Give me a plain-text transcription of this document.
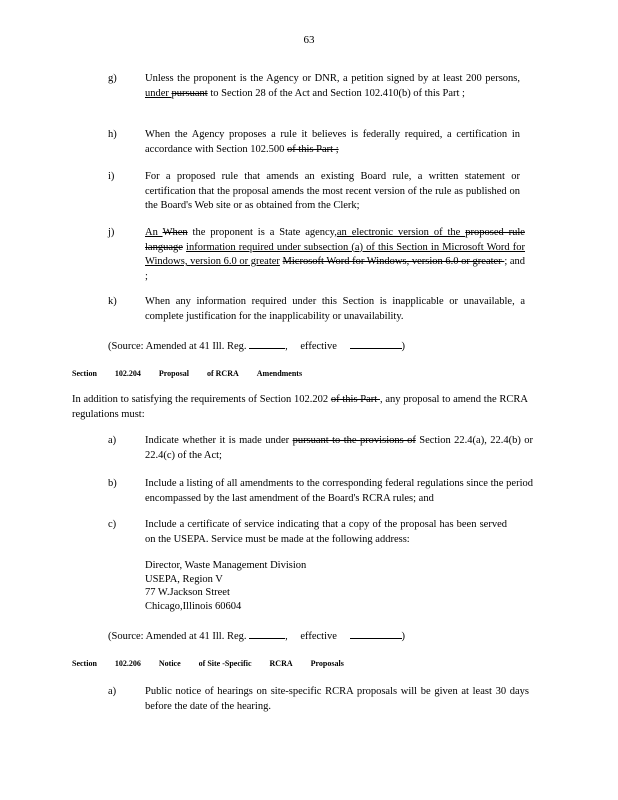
63
g)	Unless the proponent is the Agency or DNR, a petition signed by at least 200 persons, under pursuant to Section 28 of the Act and Section 102.410(b) of this Part ;
h)	When the Agency proposes a rule it believes is federally required, a certification in accordance with Section 102.500 of this Part ;
i)	For a proposed rule that amends an existing Board rule, a written statement or certification that the proposal amends the most recent version of the rule as published on the Board's Web site or as obtained from the Clerk;
j)	An When the proponent is a State agency,an electronic version of the proposed rule language information required under subsection (a) of this Section in Microsoft Word for Windows, version 6.0 or greater Microsoft Word for Windows, version 6.0 or greater ; and ;
k)	When any information required under this Section is inapplicable or unavailable, a complete justification for the inapplicability or unavailability.
(Source: Amended at 41 Ill. Reg.	, effective	)
Section 102.204 Proposal of RCRA Amendments
In addition to satisfying the requirements of Section 102.202 of this Part , any proposal to amend the RCRA regulations must:
a)	Indicate whether it is made under pursuant to the provisions of Section 22.4(a), 22.4(b) or 22.4(c) of the Act;
b)	Include a listing of all amendments to the corresponding federal regulations since the period encompassed by the last amendment of the Board's RCRA rules; and
c)	Include a certificate of service indicating that a copy of the proposal has been served on the USEPA. Service must be made at the following address:
Director, Waste Management Division
USEPA, Region V
77 W.Jackson Street
Chicago,Illinois 60604
(Source: Amended at 41 Ill. Reg.	, effective	)
Section 102.206 Notice of Site -Specific RCRA Proposals
a)	Public notice of hearings on site-specific RCRA proposals will be given at least 30 days before the date of the hearing.
